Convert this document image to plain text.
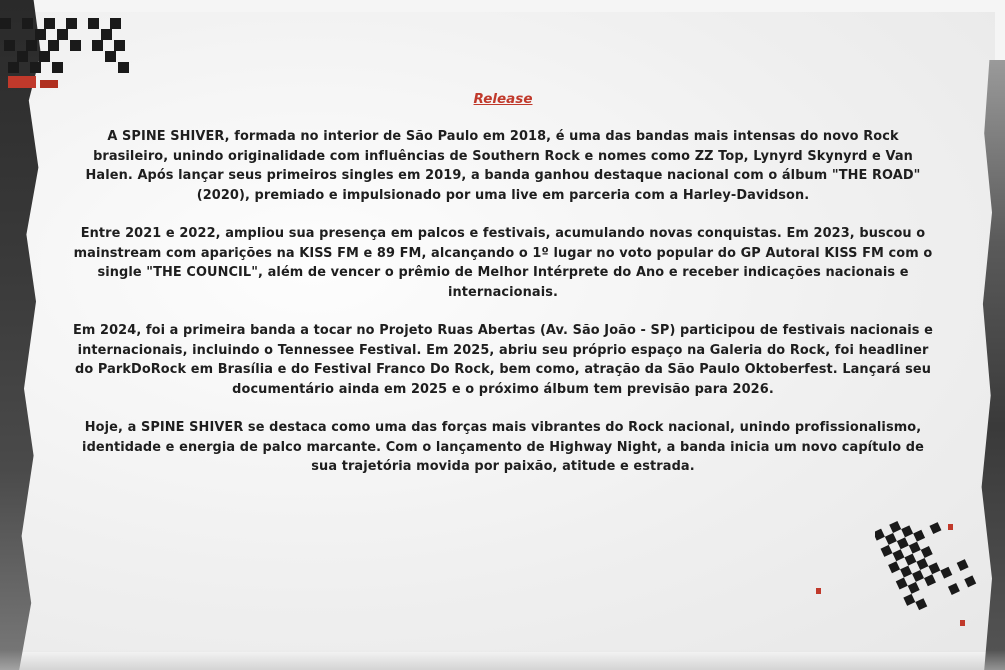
Release

A SPINE SHIVER, formada no interior de São Paulo em 2018, é uma das bandas mais intensas do novo Rock brasileiro, unindo originalidade com influências de Southern Rock e nomes como ZZ Top, Lynyrd Skynyrd e Van Halen. Após lançar seus primeiros singles em 2019, a banda ganhou destaque nacional com o álbum "THE ROAD" (2020), premiado e impulsionado por uma live em parceria com a Harley-Davidson.

Entre 2021 e 2022, ampliou sua presença em palcos e festivais, acumulando novas conquistas. Em 2023, buscou o mainstream com aparições na KISS FM e 89 FM, alcançando o 1º lugar no voto popular do GP Autoral KISS FM com o single "THE COUNCIL", além de vencer o prêmio de Melhor Intérprete do Ano e receber indicações nacionais e internacionais.

Em 2024, foi a primeira banda a tocar no Projeto Ruas Abertas (Av. São João - SP) participou de festivais nacionais e internacionais, incluindo o Tennessee Festival. Em 2025, abriu seu próprio espaço na Galeria do Rock, foi headliner do ParkDoRock em Brasília e do Festival Franco Do Rock, bem como, atração da São Paulo Oktoberfest. Lançará seu documentário ainda em 2025 e o próximo álbum tem previsão para 2026.

Hoje, a SPINE SHIVER se destaca como uma das forças mais vibrantes do Rock nacional, unindo profissionalismo, identidade e energia de palco marcante. Com o lançamento de Highway Night, a banda inicia um novo capítulo de sua trajetória movida por paixão, atitude e estrada.
